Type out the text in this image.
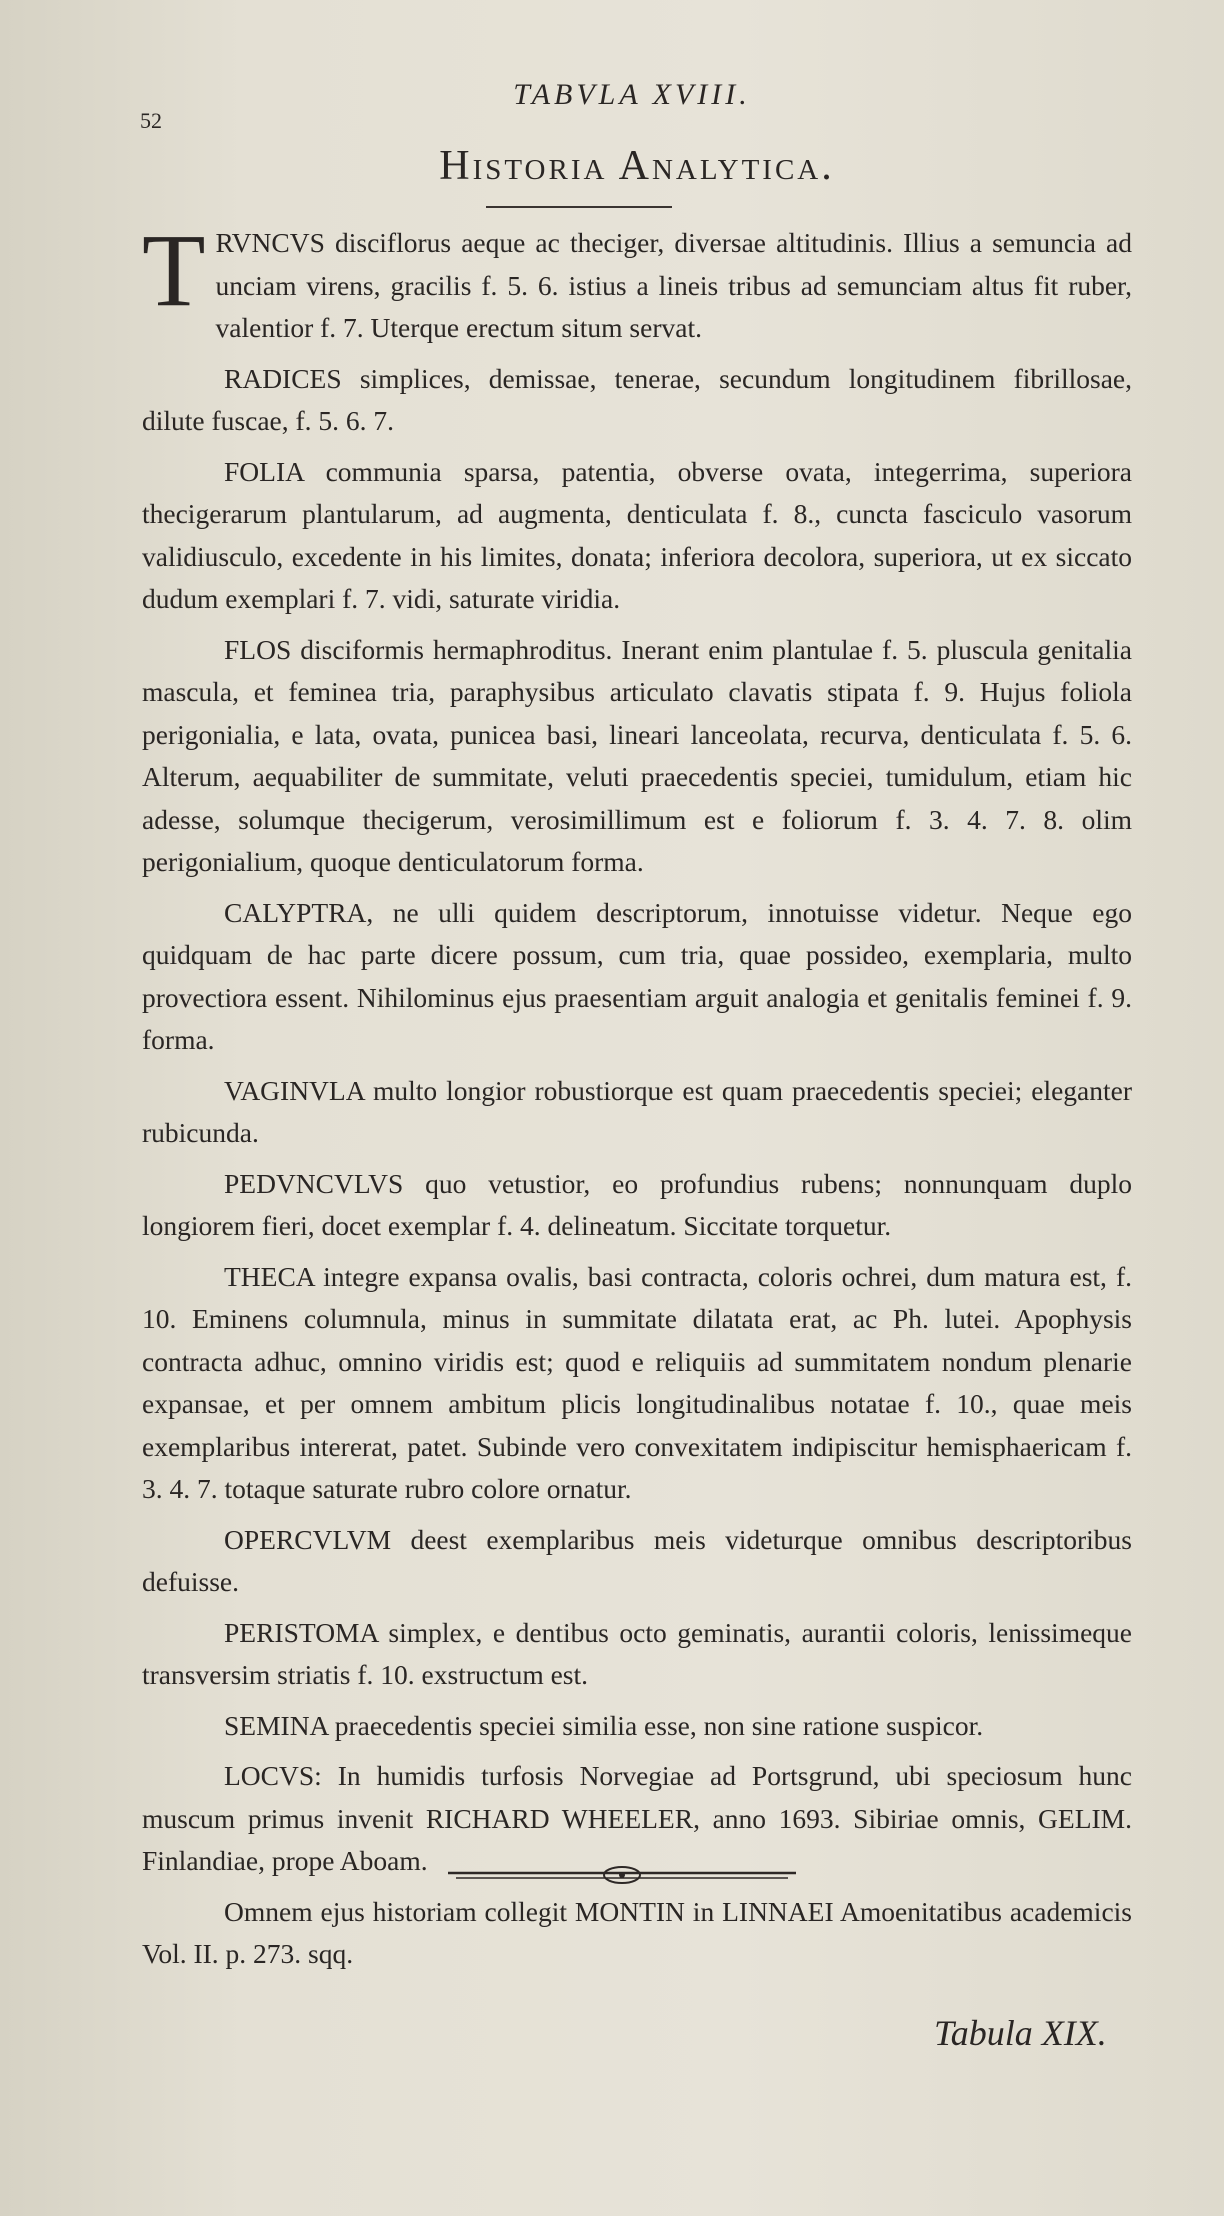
TABVLA XVIII.
52
Historia Analytica.

TRVNCVS disciflorus aeque ac theciger, diversae altitudinis. Illius a semuncia ad unciam virens, gracilis f. 5. 6. istius a lineis tribus ad semunciam altus fit ruber, valentior f. 7. Uterque erectum situm servat.

RADICES simplices, demissae, tenerae, secundum longitudinem fibrillosae, dilute fuscae, f. 5. 6. 7.

FOLIA communia sparsa, patentia, obverse ovata, integerrima, superiora thecigerarum plantularum, ad augmenta, denticulata f. 8., cuncta fasciculo vasorum validiusculo, excedente in his limites, donata; inferiora decolora, superiora, ut ex siccato dudum exemplari f. 7. vidi, saturate viridia.

FLOS disciformis hermaphroditus. Inerant enim plantulae f. 5. pluscula genitalia mascula, et feminea tria, paraphysibus articulato clavatis stipata f. 9. Hujus foliola perigonialia, e lata, ovata, punicea basi, lineari lanceolata, recurva, denticulata f. 5. 6. Alterum, aequabiliter de summitate, veluti praecedentis speciei, tumidulum, etiam hic adesse, solumque thecigerum, verosimillimum est e foliorum f. 3. 4. 7. 8. olim perigonialium, quoque denticulatorum forma.

CALYPTRA, ne ulli quidem descriptorum, innotuisse videtur. Neque ego quidquam de hac parte dicere possum, cum tria, quae possideo, exemplaria, multo provectiora essent. Nihilominus ejus praesentiam arguit analogia et genitalis feminei f. 9. forma.

VAGINVLA multo longior robustiorque est quam praecedentis speciei; eleganter rubicunda.

PEDVNCVLVS quo vetustior, eo profundius rubens; nonnunquam duplo longiorem fieri, docet exemplar f. 4. delineatum. Siccitate torquetur.

THECA integre expansa ovalis, basi contracta, coloris ochrei, dum matura est, f. 10. Eminens columnula, minus in summitate dilatata erat, ac Ph. lutei. Apophysis contracta adhuc, omnino viridis est; quod e reliquiis ad summitatem nondum plenarie expansae, et per omnem ambitum plicis longitudinalibus notatae f. 10., quae meis exemplaribus intererat, patet. Subinde vero convexitatem indipiscitur hemisphaericam f. 3. 4. 7. totaque saturate rubro colore ornatur.

OPERCVLVM deest exemplaribus meis videturque omnibus descriptoribus defuisse.

PERISTOMA simplex, e dentibus octo geminatis, aurantii coloris, lenissimeque transversim striatis f. 10. exstructum est.

SEMINA praecedentis speciei similia esse, non sine ratione suspicor.

LOCVS: In humidis turfosis Norvegiae ad Portsgrund, ubi speciosum hunc muscum primus invenit RICHARD WHEELER, anno 1693. Sibiriae omnis, GELIM. Finlandiae, prope Aboam.

Omnem ejus historiam collegit MONTIN in LINNAEI Amoenitatibus academicis Vol. II. p. 273. sqq.

Tabula XIX.
